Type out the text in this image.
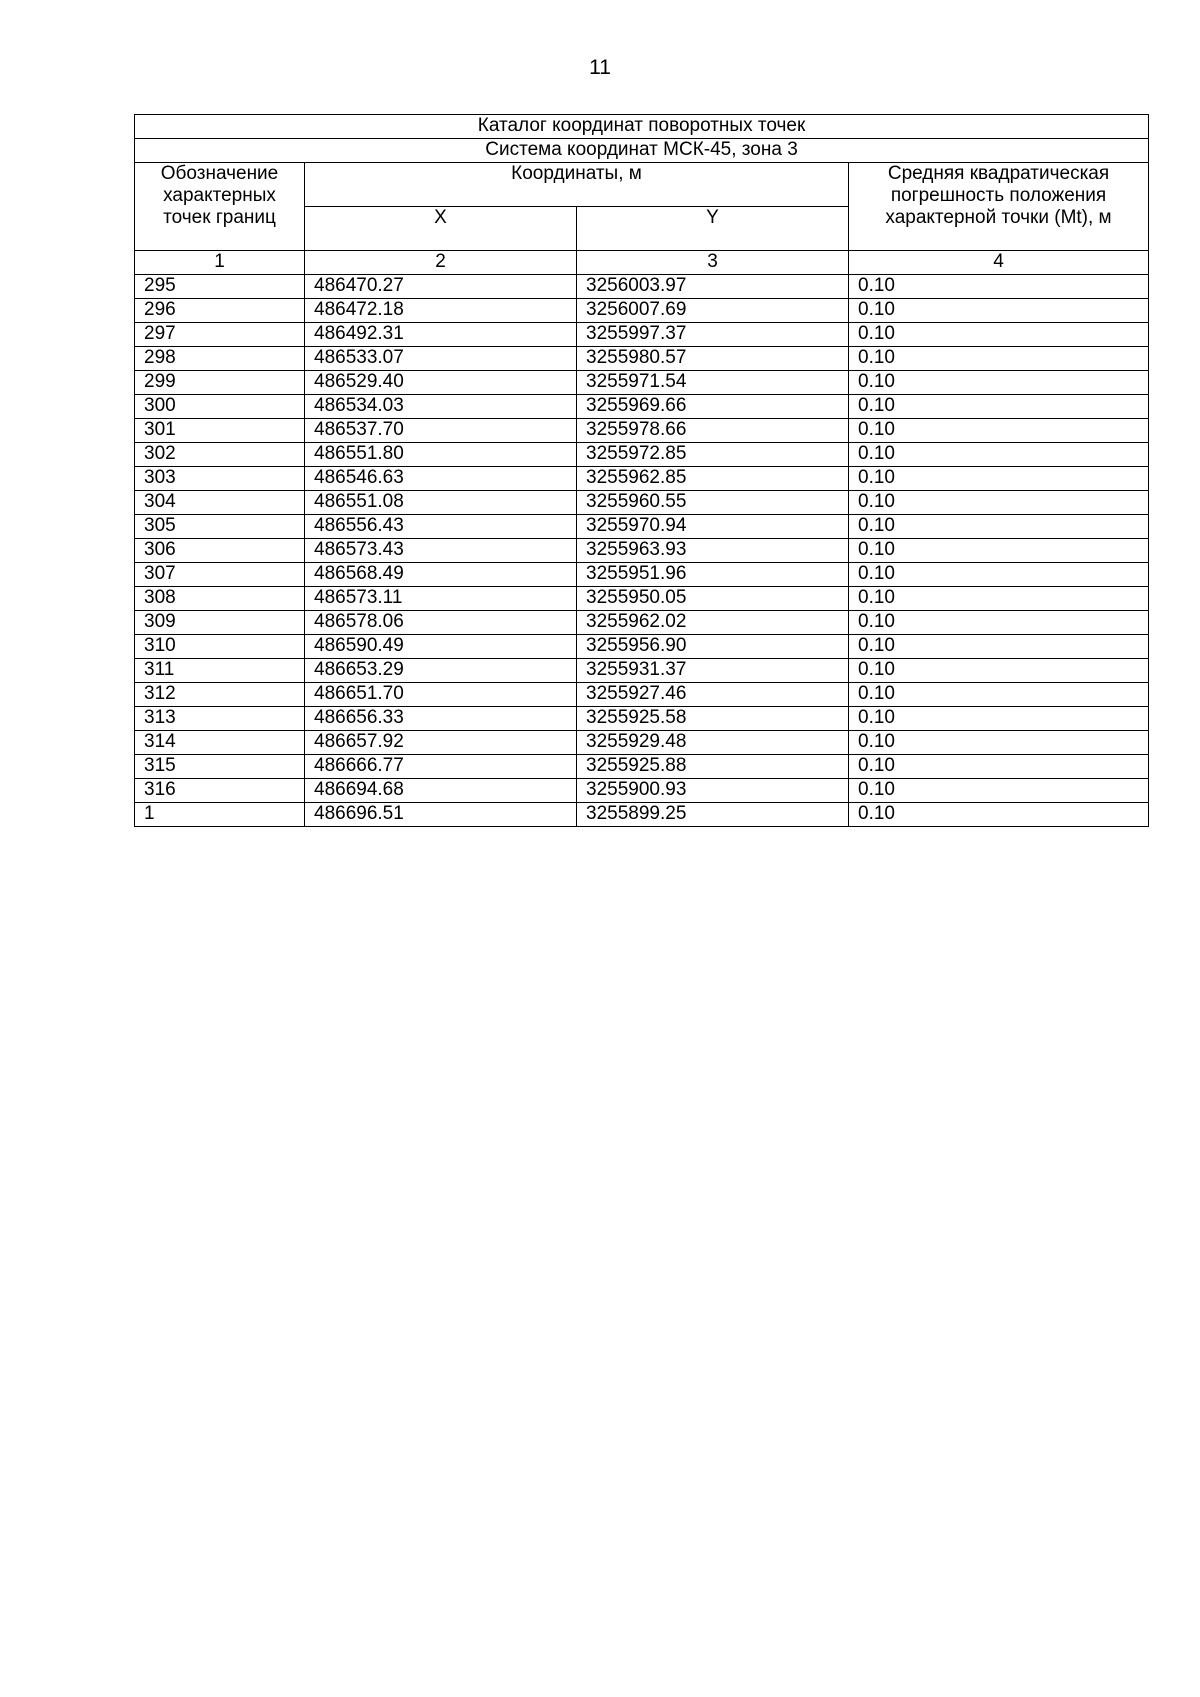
11
Каталог координат поворотных точек			
Система координат МСК-45, зона 3			
Обозначение характерных точек границ	Координаты, м		Средняя квадратическая погрешность положения характерной точки (Mt), м
	X	Y	
1	2	3	4
295	486470.27	3256003.97	0.10
296	486472.18	3256007.69	0.10
297	486492.31	3255997.37	0.10
298	486533.07	3255980.57	0.10
299	486529.40	3255971.54	0.10
300	486534.03	3255969.66	0.10
301	486537.70	3255978.66	0.10
302	486551.80	3255972.85	0.10
303	486546.63	3255962.85	0.10
304	486551.08	3255960.55	0.10
305	486556.43	3255970.94	0.10
306	486573.43	3255963.93	0.10
307	486568.49	3255951.96	0.10
308	486573.11	3255950.05	0.10
309	486578.06	3255962.02	0.10
310	486590.49	3255956.90	0.10
311	486653.29	3255931.37	0.10
312	486651.70	3255927.46	0.10
313	486656.33	3255925.58	0.10
314	486657.92	3255929.48	0.10
315	486666.77	3255925.88	0.10
316	486694.68	3255900.93	0.10
1	486696.51	3255899.25	0.10
